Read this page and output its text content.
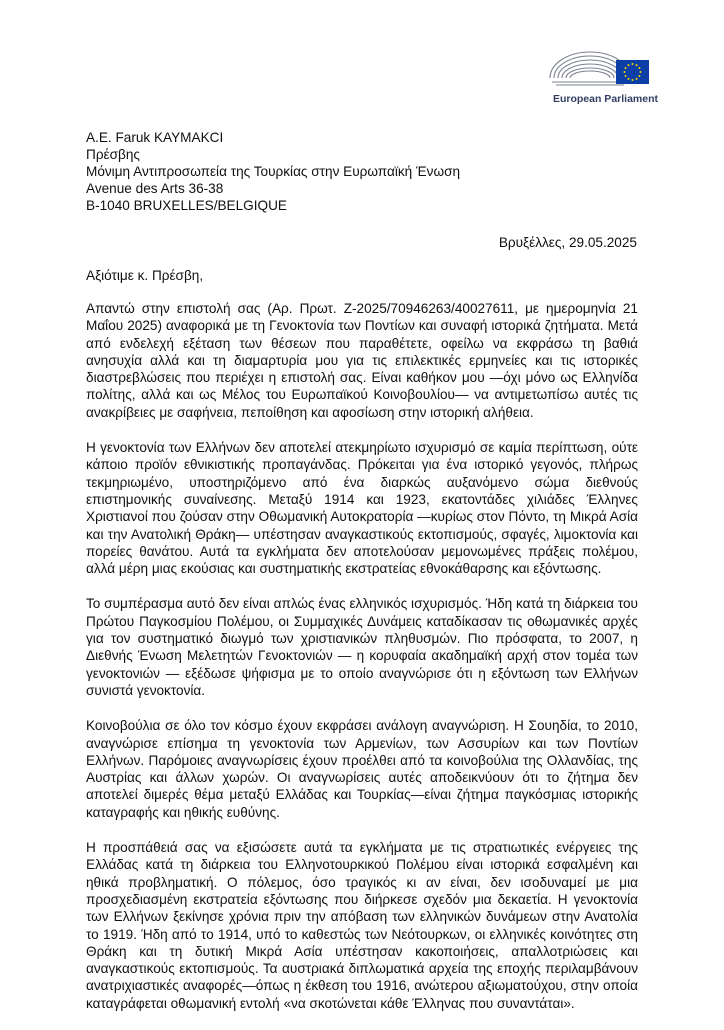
European Parliament
A.E. Faruk KAYMAKCI
Πρέσβης
Μόνιμη Αντιπροσωπεία της Τουρκίας στην Ευρωπαϊκή Ένωση
Avenue des Arts 36-38
B-1040 BRUXELLES/BELGIQUE
Βρυξέλλες, 29.05.2025
Αξιότιμε κ. Πρέσβη,

Απαντώ στην επιστολή σας (Αρ. Πρωτ. Z-2025/70946263/40027611, με ημερομηνία 21 Μαΐου 2025) αναφορικά με τη Γενοκτονία των Ποντίων και συναφή ιστορικά ζητήματα. Μετά από ενδελεχή εξέταση των θέσεων που παραθέτετε, οφείλω να εκφράσω τη βαθιά ανησυχία αλλά και τη διαμαρτυρία μου για τις επιλεκτικές ερμηνείες και τις ιστορικές διαστρεβλώσεις που περιέχει η επιστολή σας. Είναι καθήκον μου —όχι μόνο ως Ελληνίδα πολίτης, αλλά και ως Μέλος του Ευρωπαϊκού Κοινοβουλίου— να αντιμετωπίσω αυτές τις ανακρίβειες με σαφήνεια, πεποίθηση και αφοσίωση στην ιστορική αλήθεια.

Η γενοκτονία των Ελλήνων δεν αποτελεί ατεκμηρίωτο ισχυρισμό σε καμία περίπτωση, ούτε κάποιο προϊόν εθνικιστικής προπαγάνδας. Πρόκειται για ένα ιστορικό γεγονός, πλήρως τεκμηριωμένο, υποστηριζόμενο από ένα διαρκώς αυξανόμενο σώμα διεθνούς επιστημονικής συναίνεσης. Μεταξύ 1914 και 1923, εκατοντάδες χιλιάδες Έλληνες Χριστιανοί που ζούσαν στην Οθωμανική Αυτοκρατορία —κυρίως στον Πόντο, τη Μικρά Ασία και την Ανατολική Θράκη— υπέστησαν αναγκαστικούς εκτοπισμούς, σφαγές, λιμοκτονία και πορείες θανάτου. Αυτά τα εγκλήματα δεν αποτελούσαν μεμονωμένες πράξεις πολέμου, αλλά μέρη μιας εκούσιας και συστηματικής εκστρατείας εθνοκάθαρσης και εξόντωσης.

Το συμπέρασμα αυτό δεν είναι απλώς ένας ελληνικός ισχυρισμός. Ήδη κατά τη διάρκεια του Πρώτου Παγκοσμίου Πολέμου, οι Συμμαχικές Δυνάμεις καταδίκασαν τις οθωμανικές αρχές για τον συστηματικό διωγμό των χριστιανικών πληθυσμών. Πιο πρόσφατα, το 2007, η Διεθνής Ένωση Μελετητών Γενοκτονιών — η κορυφαία ακαδημαϊκή αρχή στον τομέα των γενοκτονιών — εξέδωσε ψήφισμα με το οποίο αναγνώρισε ότι η εξόντωση των Ελλήνων συνιστά γενοκτονία.

Κοινοβούλια σε όλο τον κόσμο έχουν εκφράσει ανάλογη αναγνώριση. Η Σουηδία, το 2010, αναγνώρισε επίσημα τη γενοκτονία των Αρμενίων, των Ασσυρίων και των Ποντίων Ελλήνων. Παρόμοιες αναγνωρίσεις έχουν προέλθει από τα κοινοβούλια της Ολλανδίας, της Αυστρίας και άλλων χωρών. Οι αναγνωρίσεις αυτές αποδεικνύουν ότι το ζήτημα δεν αποτελεί διμερές θέμα μεταξύ Ελλάδας και Τουρκίας—είναι ζήτημα παγκόσμιας ιστορικής καταγραφής και ηθικής ευθύνης.

Η προσπάθειά σας να εξισώσετε αυτά τα εγκλήματα με τις στρατιωτικές ενέργειες της Ελλάδας κατά τη διάρκεια του Ελληνοτουρκικού Πολέμου είναι ιστορικά εσφαλμένη και ηθικά προβληματική. Ο πόλεμος, όσο τραγικός κι αν είναι, δεν ισοδυναμεί με μια προσχεδιασμένη εκστρατεία εξόντωσης που διήρκεσε σχεδόν μια δεκαετία. Η γενοκτονία των Ελλήνων ξεκίνησε χρόνια πριν την απόβαση των ελληνικών δυνάμεων στην Ανατολία το 1919. Ήδη από το 1914, υπό το καθεστώς των Νεότουρκων, οι ελληνικές κοινότητες στη Θράκη και τη δυτική Μικρά Ασία υπέστησαν κακοποιήσεις, απαλλοτριώσεις και αναγκαστικούς εκτοπισμούς. Τα αυστριακά διπλωματικά αρχεία της εποχής περιλαμβάνουν ανατριχιαστικές αναφορές—όπως η έκθεση του 1916, ανώτερου αξιωματούχου, στην οποία καταγράφεται οθωμανική εντολή «να σκοτώνεται κάθε Έλληνας που συναντάται».
